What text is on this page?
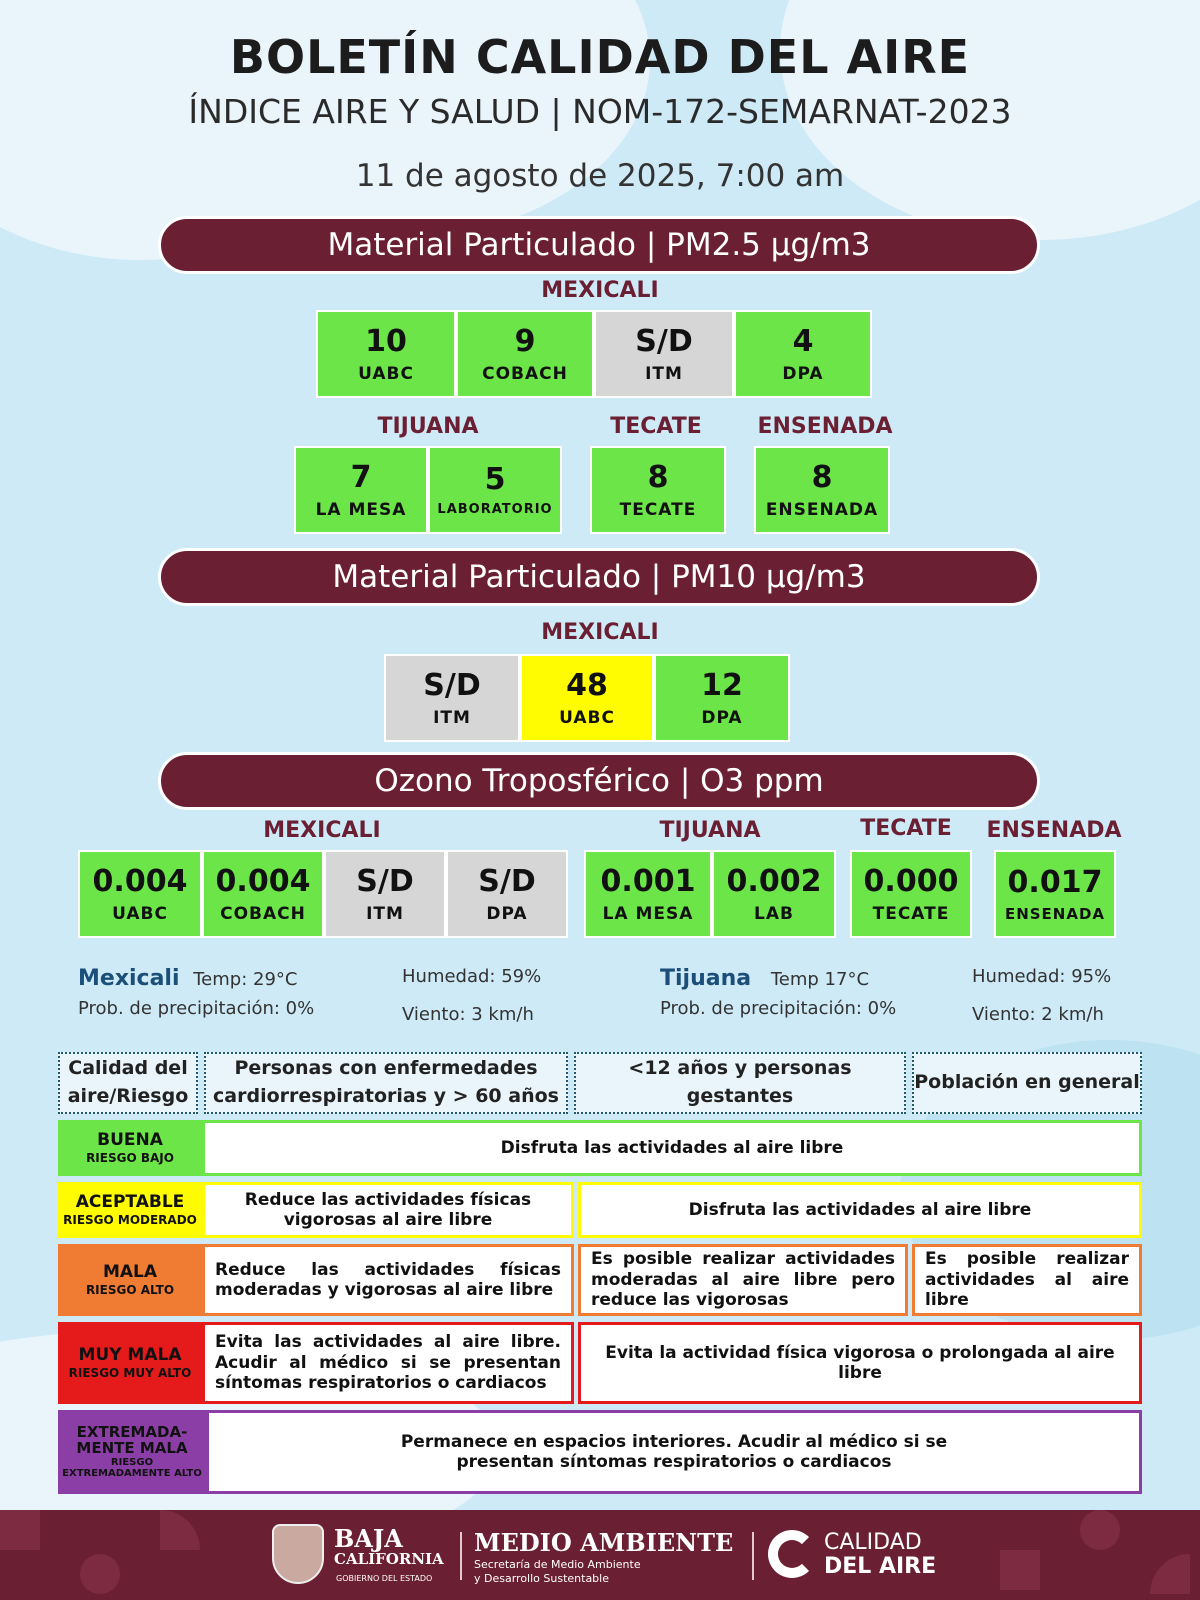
BOLETÍN CALIDAD DEL AIRE
ÍNDICE AIRE Y SALUD | NOM-172-SEMARNAT-2023
11 de agosto de 2025, 7:00 am
Material Particulado | PM2.5 µg/m3
MEXICALI
10
UABC
9
COBACH
S/D
ITM
4
DPA
TIJUANA
7
LA MESA
5
LABORATORIO
TECATE
8
TECATE
ENSENADA
8
ENSENADA
Material Particulado | PM10 µg/m3
MEXICALI
S/D
ITM
48
UABC
12
DPA
Ozono Troposférico | O3 ppm
MEXICALI
0.004
UABC
0.004
COBACH
S/D
ITM
S/D
DPA
TIJUANA
0.001
LA MESA
0.002
LAB
TECATE
0.000
TECATE
ENSENADA
0.017
ENSENADA
Mexicali Temp: 29°C
Prob. de precipitación: 0%
Humedad: 59%
Viento: 3 km/h
Tijuana Temp 17°C
Prob. de precipitación: 0%
Humedad: 95%
Viento: 2 km/h
Calidad del aire/Riesgo
Personas con enfermedades cardiorrespiratorias y > 60 años
<12 años y personas gestantes
Población en general
BUENA
RIESGO BAJO	Disfruta las actividades al aire libre
ACEPTABLE
RIESGO MODERADO
Reduce las actividades físicas vigorosas al aire libre
Disfruta las actividades al aire libre
MALA
RIESGO ALTO
Reduce las actividades físicas moderadas y vigorosas al aire libre
Es posible realizar actividades moderadas al aire libre pero reduce las vigorosas
Es posible realizar actividades al aire libre
MUY MALA
RIESGO MUY ALTO
Evita las actividades al aire libre. Acudir al médico si se presentan síntomas respiratorios o cardiacos
Evita la actividad física vigorosa o prolongada al aire libre
EXTREMADA-MENTE MALA
RIESGO EXTREMADAMENTE ALTO
Permanece en espacios interiores. Acudir al médico si se presentan síntomas respiratorios o cardiacos
BAJA
CALIFORNIA
GOBIERNO DEL ESTADO
MEDIO AMBIENTE
Secretaría de Medio Ambiente
y Desarrollo Sustentable
CALIDAD
DEL AIRE
